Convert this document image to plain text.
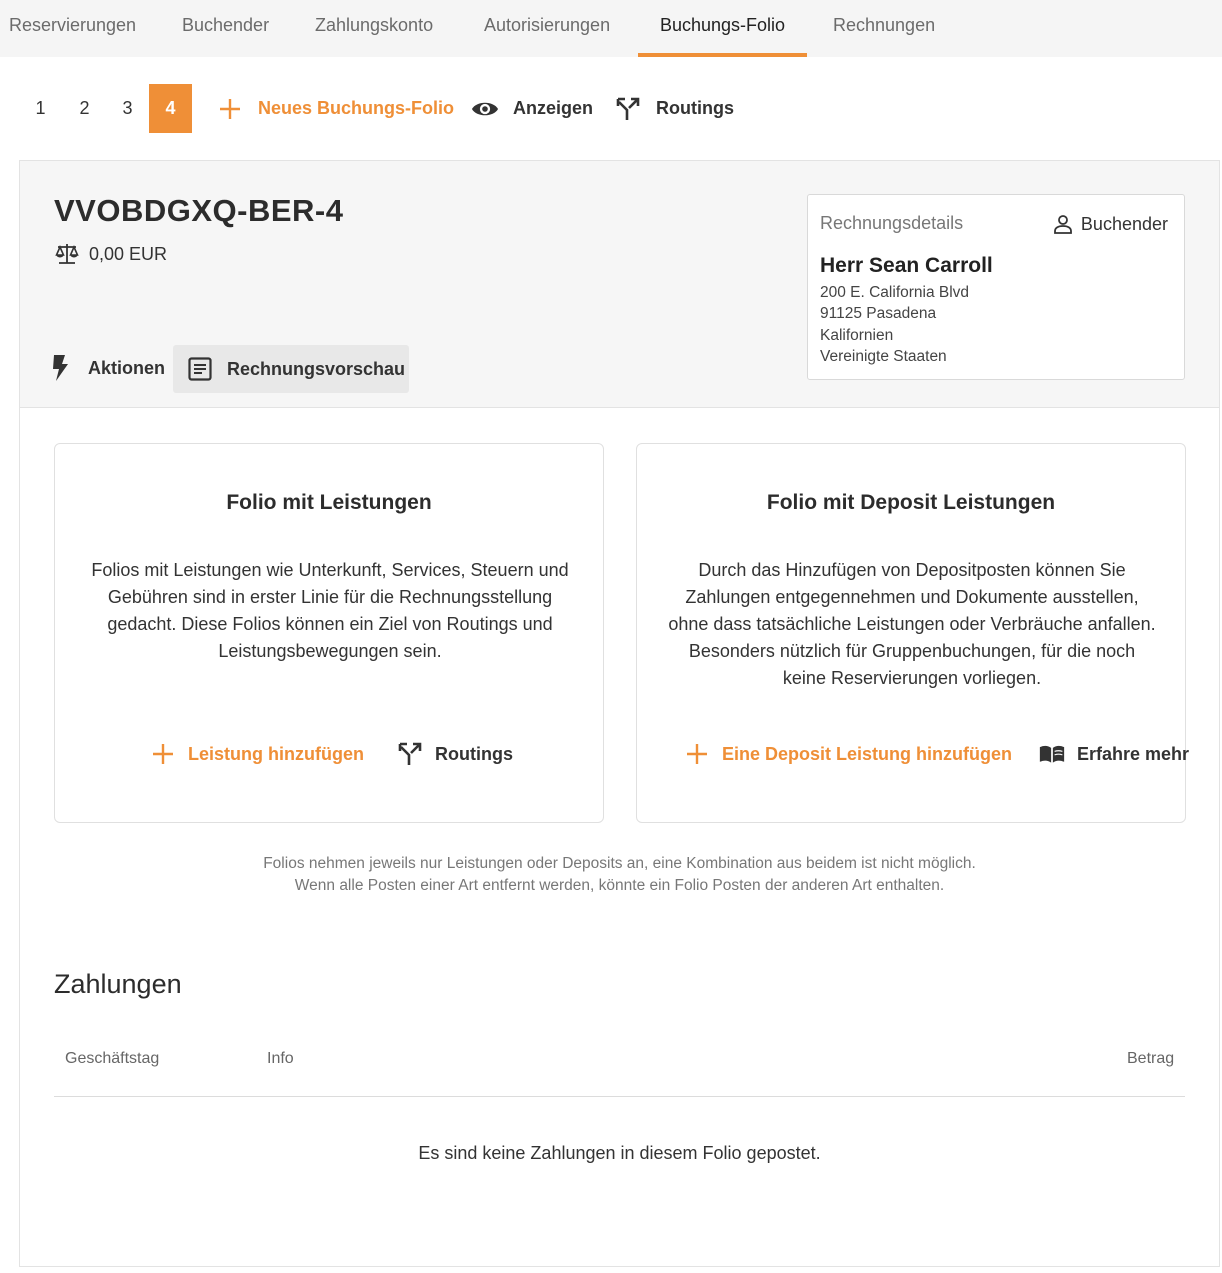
Reservierungen	Buchender	Zahlungskonto	Autorisierungen	Buchungs-Folio	Rechnungen
1	2	3	4	Neues Buchungs-Folio	Anzeigen	Routings
VVOBDGXQ-BER-4
0,00 EUR
Aktionen	Rechnungsvorschau
Rechnungsdetails	Buchender
Herr Sean Carroll
200 E. California Blvd
91125 Pasadena
Kalifornien
Vereinigte Staaten
Folio mit Leistungen
Folios mit Leistungen wie Unterkunft, Services, Steuern und Gebühren sind in erster Linie für die Rechnungsstellung gedacht. Diese Folios können ein Ziel von Routings und Leistungsbewegungen sein.
Leistung hinzufügen	Routings
Folio mit Deposit Leistungen
Durch das Hinzufügen von Depositposten können Sie Zahlungen entgegennehmen und Dokumente ausstellen, ohne dass tatsächliche Leistungen oder Verbräuche anfallen. Besonders nützlich für Gruppenbuchungen, für die noch keine Reservierungen vorliegen.
Eine Deposit Leistung hinzufügen	Erfahre mehr
Folios nehmen jeweils nur Leistungen oder Deposits an, eine Kombination aus beidem ist nicht möglich.
Wenn alle Posten einer Art entfernt werden, könnte ein Folio Posten der anderen Art enthalten.
Zahlungen
Geschäftstag	Info	Betrag
Es sind keine Zahlungen in diesem Folio gepostet.
